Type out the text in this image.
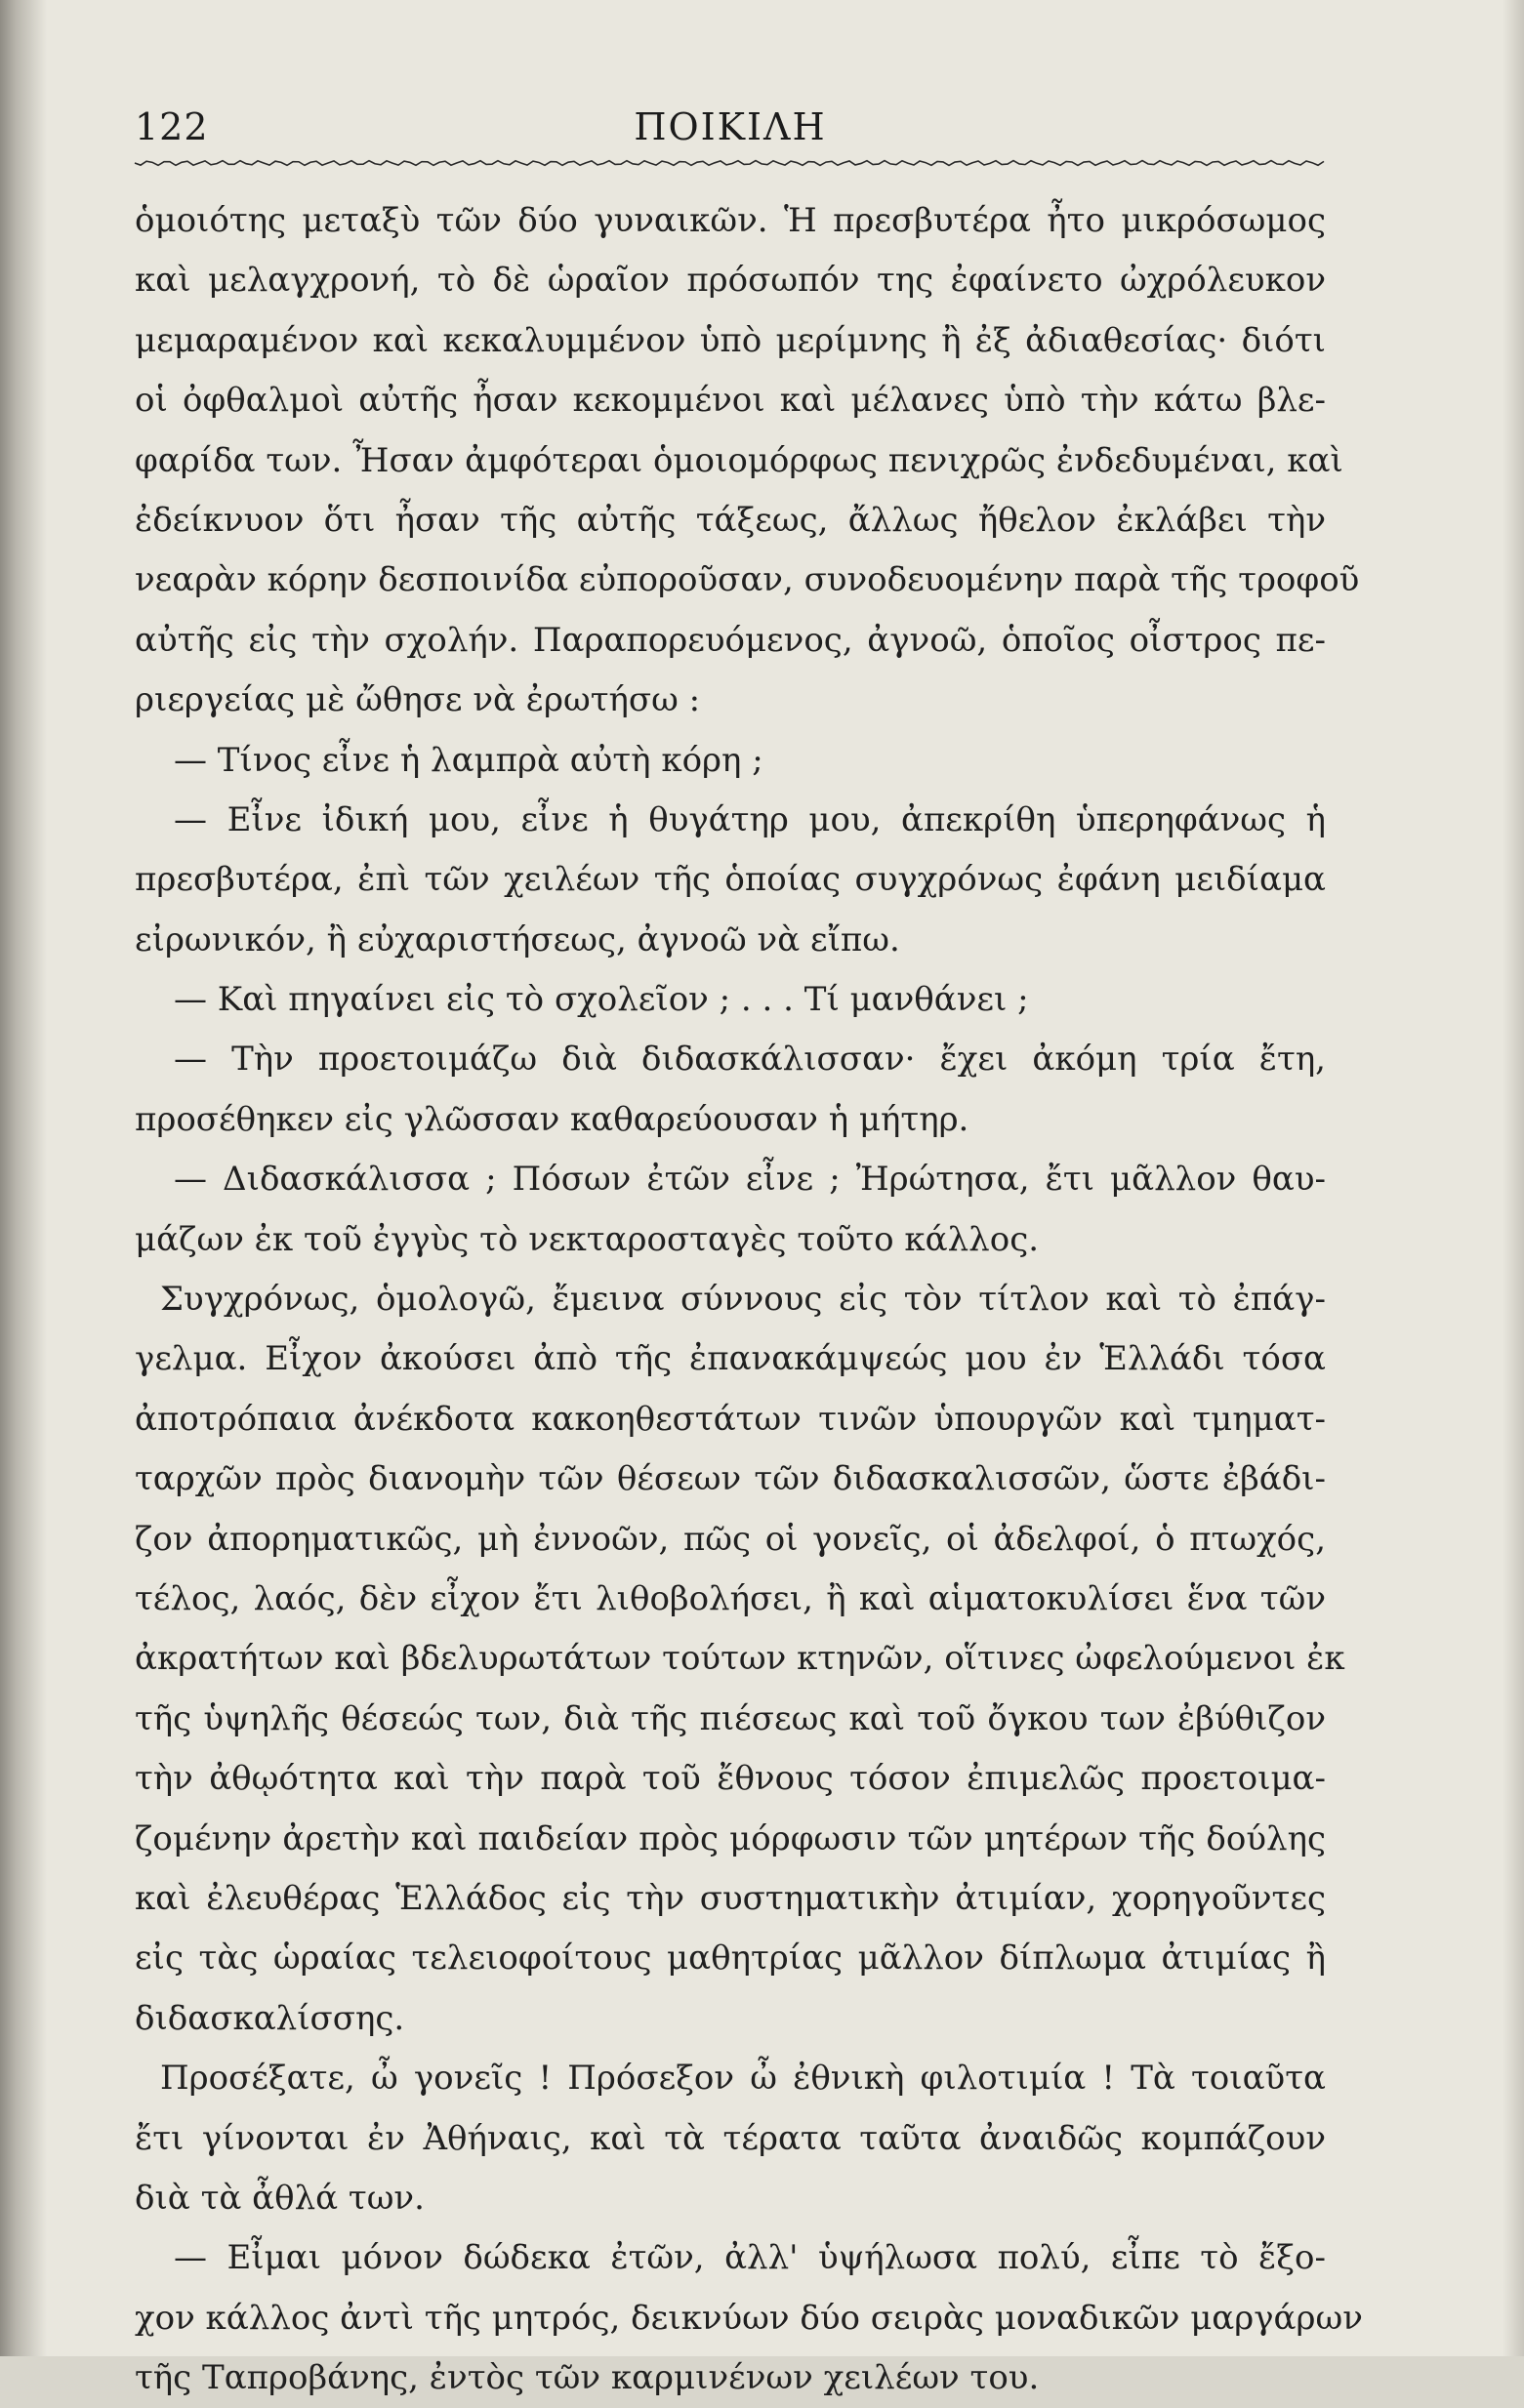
122	ΠΟΙΚΙΛΗ
ὁμοιότης μεταξὺ τῶν δύο γυναικῶν. Ἡ πρεσβυτέρα ἦτο μικρόσωμος
καὶ μελαγχρονή, τὸ δὲ ὡραῖον πρόσωπόν της ἐφαίνετο ὠχρόλευκον
μεμαραμένον καὶ κεκαλυμμένον ὑπὸ μερίμνης ἢ ἐξ ἀδιαθεσίας· διότι
οἱ ὀφθαλμοὶ αὐτῆς ἦσαν κεκομμένοι καὶ μέλανες ὑπὸ τὴν κάτω βλε-
φαρίδα των. Ἦσαν ἀμφότεραι ὁμοιομόρφως πενιχρῶς ἐνδεδυμέναι, καὶ
ἐδείκνυον ὅτι ἦσαν τῆς αὐτῆς τάξεως, ἄλλως ἤθελον ἐκλάβει τὴν
νεαρὰν κόρην δεσποινίδα εὐποροῦσαν, συνοδευομένην παρὰ τῆς τροφοῦ
αὐτῆς εἰς τὴν σχολήν. Παραπορευόμενος, ἀγνοῶ, ὁποῖος οἶστρος πε-
ριεργείας μὲ ὤθησε νὰ ἐρωτήσω :
— Τίνος εἶνε ἡ λαμπρὰ αὐτὴ κόρη ;
— Εἶνε ἰδική μου, εἶνε ἡ θυγάτηρ μου, ἀπεκρίθη ὑπερηφάνως ἡ
πρεσβυτέρα, ἐπὶ τῶν χειλέων τῆς ὁποίας συγχρόνως ἐφάνη μειδίαμα
εἰρωνικόν, ἢ εὐχαριστήσεως, ἀγνοῶ νὰ εἴπω.
— Καὶ πηγαίνει εἰς τὸ σχολεῖον ; . . . Τί μανθάνει ;
— Τὴν προετοιμάζω διὰ διδασκάλισσαν· ἔχει ἀκόμη τρία ἔτη,
προσέθηκεν εἰς γλῶσσαν καθαρεύουσαν ἡ μήτηρ.
— Διδασκάλισσα ; Πόσων ἐτῶν εἶνε ; Ἠρώτησα, ἔτι μᾶλλον θαυ-
μάζων ἐκ τοῦ ἐγγὺς τὸ νεκταροσταγὲς τοῦτο κάλλος.
Συγχρόνως, ὁμολογῶ, ἔμεινα σύννους εἰς τὸν τίτλον καὶ τὸ ἐπάγ-
γελμα. Εἶχον ἀκούσει ἀπὸ τῆς ἐπανακάμψεώς μου ἐν Ἑλλάδι τόσα
ἀποτρόπαια ἀνέκδοτα κακοηθεστάτων τινῶν ὑπουργῶν καὶ τμηματ-
ταρχῶν πρὸς διανομὴν τῶν θέσεων τῶν διδασκαλισσῶν, ὥστε ἐβάδι-
ζον ἀπορηματικῶς, μὴ ἐννοῶν, πῶς οἱ γονεῖς, οἱ ἀδελφοί, ὁ πτωχός,
τέλος, λαός, δὲν εἶχον ἔτι λιθοβολήσει, ἢ καὶ αἱματοκυλίσει ἕνα τῶν
ἀκρατήτων καὶ βδελυρωτάτων τούτων κτηνῶν, οἵτινες ὠφελούμενοι ἐκ
τῆς ὑψηλῆς θέσεώς των, διὰ τῆς πιέσεως καὶ τοῦ ὄγκου των ἐβύθιζον
τὴν ἀθῳότητα καὶ τὴν παρὰ τοῦ ἔθνους τόσον ἐπιμελῶς προετοιμα-
ζομένην ἀρετὴν καὶ παιδείαν πρὸς μόρφωσιν τῶν μητέρων τῆς δούλης
καὶ ἐλευθέρας Ἑλλάδος εἰς τὴν συστηματικὴν ἀτιμίαν, χορηγοῦντες
εἰς τὰς ὡραίας τελειοφοίτους μαθητρίας μᾶλλον δίπλωμα ἀτιμίας ἢ
διδασκαλίσσης.
Προσέξατε, ὦ γονεῖς ! Πρόσεξον ὦ ἐθνικὴ φιλοτιμία ! Τὰ τοιαῦτα
ἔτι γίνονται ἐν Ἀθήναις, καὶ τὰ τέρατα ταῦτα ἀναιδῶς κομπάζουν
διὰ τὰ ἆθλά των.
— Εἶμαι μόνον δώδεκα ἐτῶν, ἀλλ' ὑψήλωσα πολύ, εἶπε τὸ ἔξο-
χον κάλλος ἀντὶ τῆς μητρός, δεικνύων δύο σειρὰς μοναδικῶν μαργάρων
τῆς Ταπροβάνης, ἐντὸς τῶν καρμινένων χειλέων του.
